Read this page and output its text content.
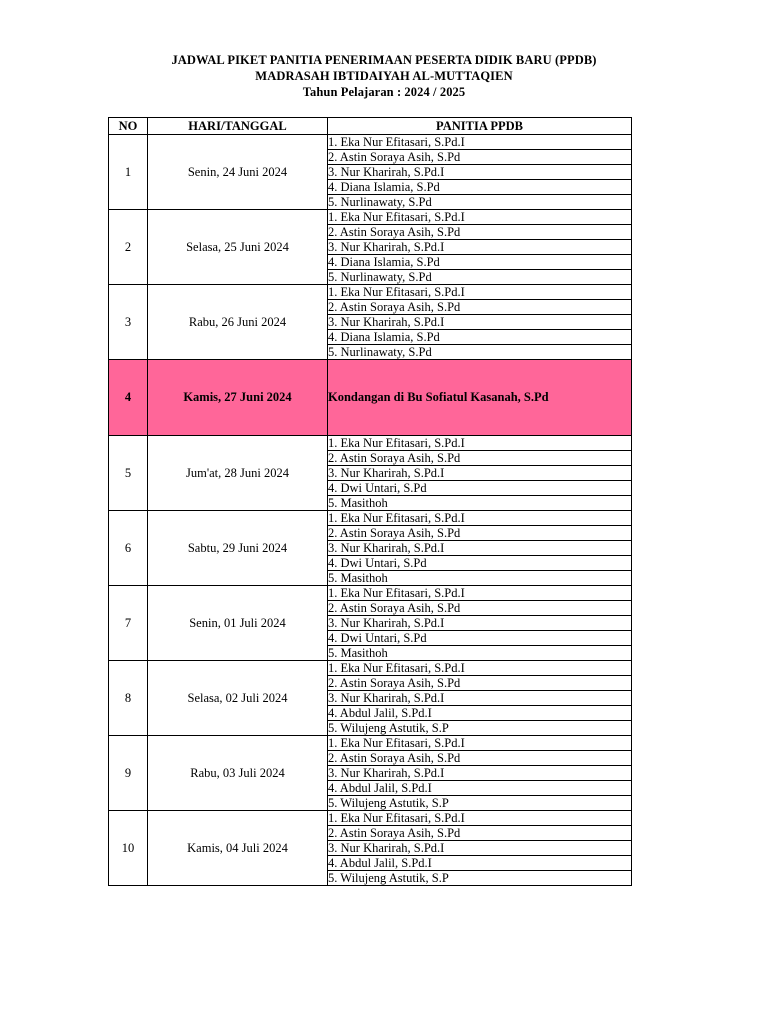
JADWAL PIKET PANITIA PENERIMAAN PESERTA DIDIK BARU (PPDB)
MADRASAH IBTIDAIYAH AL-MUTTAQIEN
Tahun Pelajaran : 2024 / 2025
NO	HARI/TANGGAL	PANITIA PPDB
1	Senin, 24 Juni 2024	1. Eka Nur Efitasari, S.Pd.I
		2. Astin Soraya Asih, S.Pd
		3. Nur Kharirah, S.Pd.I
		4. Diana Islamia, S.Pd
		5. Nurlinawaty, S.Pd
2	Selasa, 25 Juni 2024	1. Eka Nur Efitasari, S.Pd.I
		2. Astin Soraya Asih, S.Pd
		3. Nur Kharirah, S.Pd.I
		4. Diana Islamia, S.Pd
		5. Nurlinawaty, S.Pd
3	Rabu, 26 Juni 2024	1. Eka Nur Efitasari, S.Pd.I
		2. Astin Soraya Asih, S.Pd
		3. Nur Kharirah, S.Pd.I
		4. Diana Islamia, S.Pd
		5. Nurlinawaty, S.Pd
4	Kamis, 27 Juni 2024	Kondangan di Bu Sofiatul Kasanah, S.Pd
5	Jum'at, 28 Juni 2024	1. Eka Nur Efitasari, S.Pd.I
		2. Astin Soraya Asih, S.Pd
		3. Nur Kharirah, S.Pd.I
		4. Dwi Untari, S.Pd
		5. Masithoh
6	Sabtu, 29 Juni 2024	1. Eka Nur Efitasari, S.Pd.I
		2. Astin Soraya Asih, S.Pd
		3. Nur Kharirah, S.Pd.I
		4. Dwi Untari, S.Pd
		5. Masithoh
7	Senin, 01 Juli 2024	1. Eka Nur Efitasari, S.Pd.I
		2. Astin Soraya Asih, S.Pd
		3. Nur Kharirah, S.Pd.I
		4. Dwi Untari, S.Pd
		5. Masithoh
8	Selasa, 02 Juli 2024	1. Eka Nur Efitasari, S.Pd.I
		2. Astin Soraya Asih, S.Pd
		3. Nur Kharirah, S.Pd.I
		4. Abdul Jalil, S.Pd.I
		5. Wilujeng Astutik, S.P
9	Rabu, 03 Juli 2024	1. Eka Nur Efitasari, S.Pd.I
		2. Astin Soraya Asih, S.Pd
		3. Nur Kharirah, S.Pd.I
		4. Abdul Jalil, S.Pd.I
		5. Wilujeng Astutik, S.P
10	Kamis, 04 Juli 2024	1. Eka Nur Efitasari, S.Pd.I
		2. Astin Soraya Asih, S.Pd
		3. Nur Kharirah, S.Pd.I
		4. Abdul Jalil, S.Pd.I
		5. Wilujeng Astutik, S.P
